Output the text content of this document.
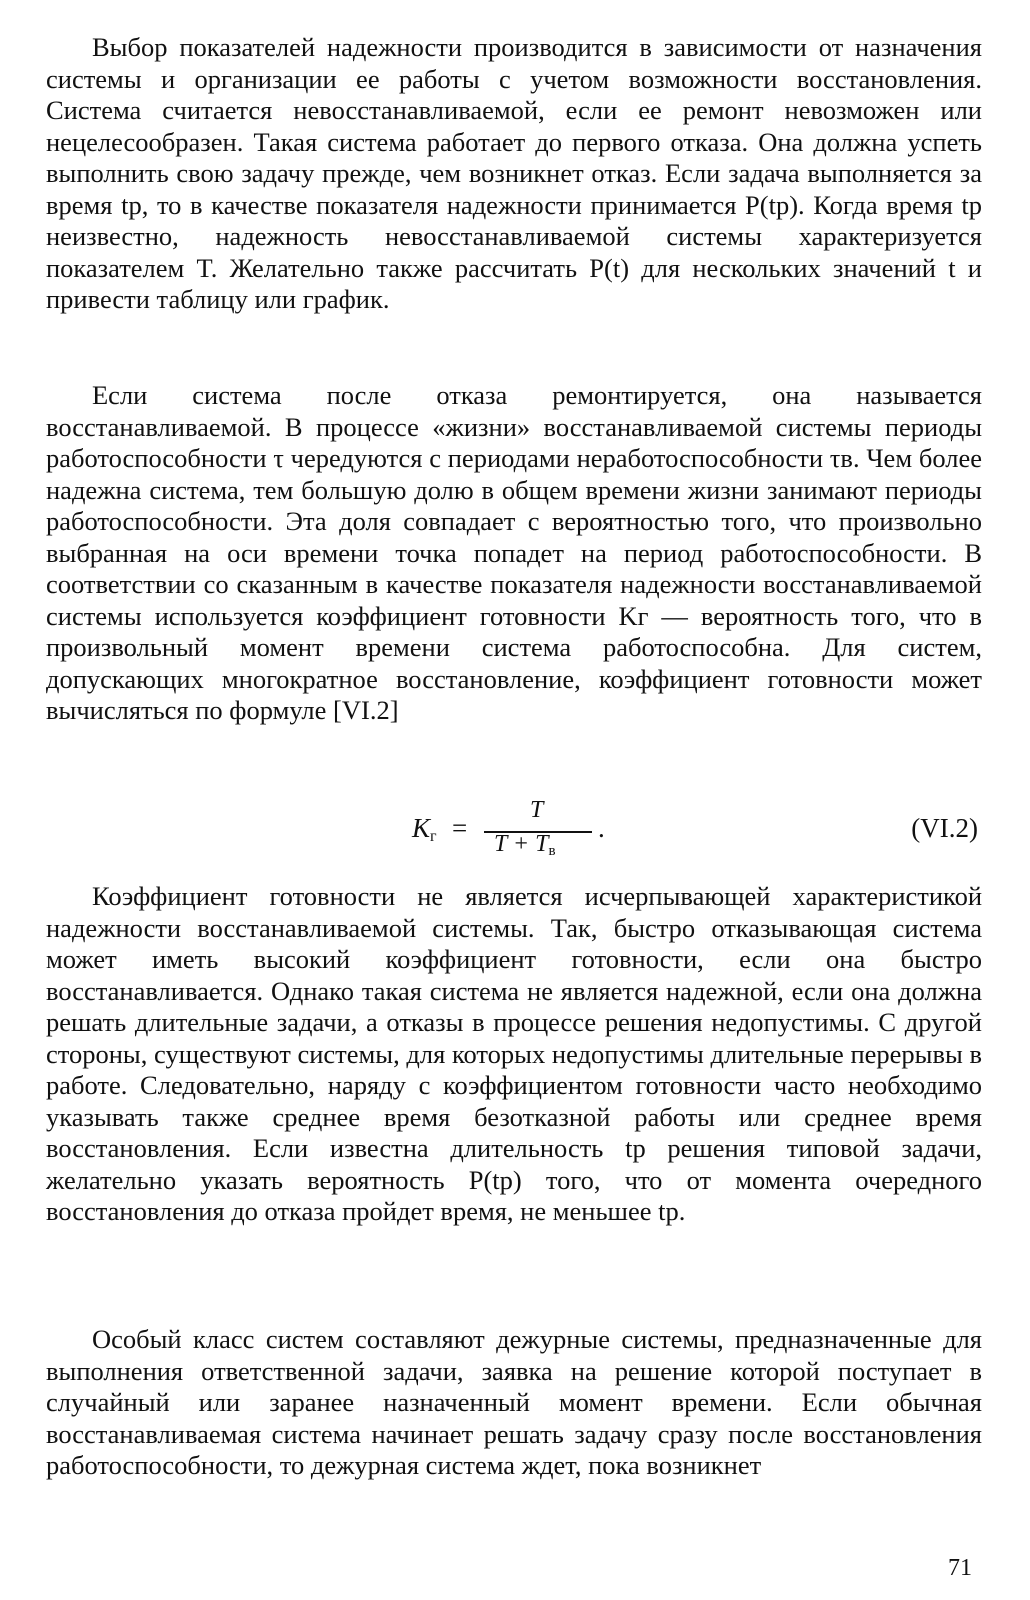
Выбор показателей надежности производится в зависимости от назначения системы и организации ее работы с учетом возможности восстановления. Система считается невосстанавливаемой, если ее ремонт невозможен или нецелесообразен. Такая система работает до первого отказа. Она должна успеть выполнить свою задачу прежде, чем возникнет отказ. Если задача выполняется за время tр, то в качестве показателя надежности принимается P(tр). Когда время tр неизвестно, надежность невосстанавливаемой системы характеризуется показателем T. Желательно также рассчитать P(t) для нескольких значений t и привести таблицу или график.

Если система после отказа ремонтируется, она называется восстанавливаемой. В процессе «жизни» восстанавливаемой системы периоды работоспособности τ чередуются с периодами неработоспособности τв. Чем более надежна система, тем большую долю в общем времени жизни занимают периоды работоспособности. Эта доля совпадает с вероятностью того, что произвольно выбранная на оси времени точка попадет на период работоспособности. В соответствии со сказанным в качестве показателя надежности восстанавливаемой системы используется коэффициент готовности Kг — вероятность того, что в произвольный момент времени система работоспособна. Для систем, допускающих многократное восстановление, коэффициент готовности может вычисляться по формуле [VI.2]

$K_г$ =
T
$T + T_в$
.	(VI.2)

Коэффициент готовности не является исчерпывающей характеристикой надежности восстанавливаемой системы. Так, быстро отказывающая система может иметь высокий коэффициент готовности, если она быстро восстанавливается. Однако такая система не является надежной, если она должна решать длительные задачи, а отказы в процессе решения недопустимы. С другой стороны, существуют системы, для которых недопустимы длительные перерывы в работе. Следовательно, наряду с коэффициентом готовности часто необходимо указывать также среднее время безотказной работы или среднее время восстановления. Если известна длительность tр решения типовой задачи, желательно указать вероятность P(tр) того, что от момента очередного восстановления до отказа пройдет время, не меньшее tр.

Особый класс систем составляют дежурные системы, предназначенные для выполнения ответственной задачи, заявка на решение которой поступает в случайный или заранее назначенный момент времени. Если обычная восстанавливаемая система начинает решать задачу сразу после восстановления работоспособности, то дежурная система ждет, пока возникнет

71
